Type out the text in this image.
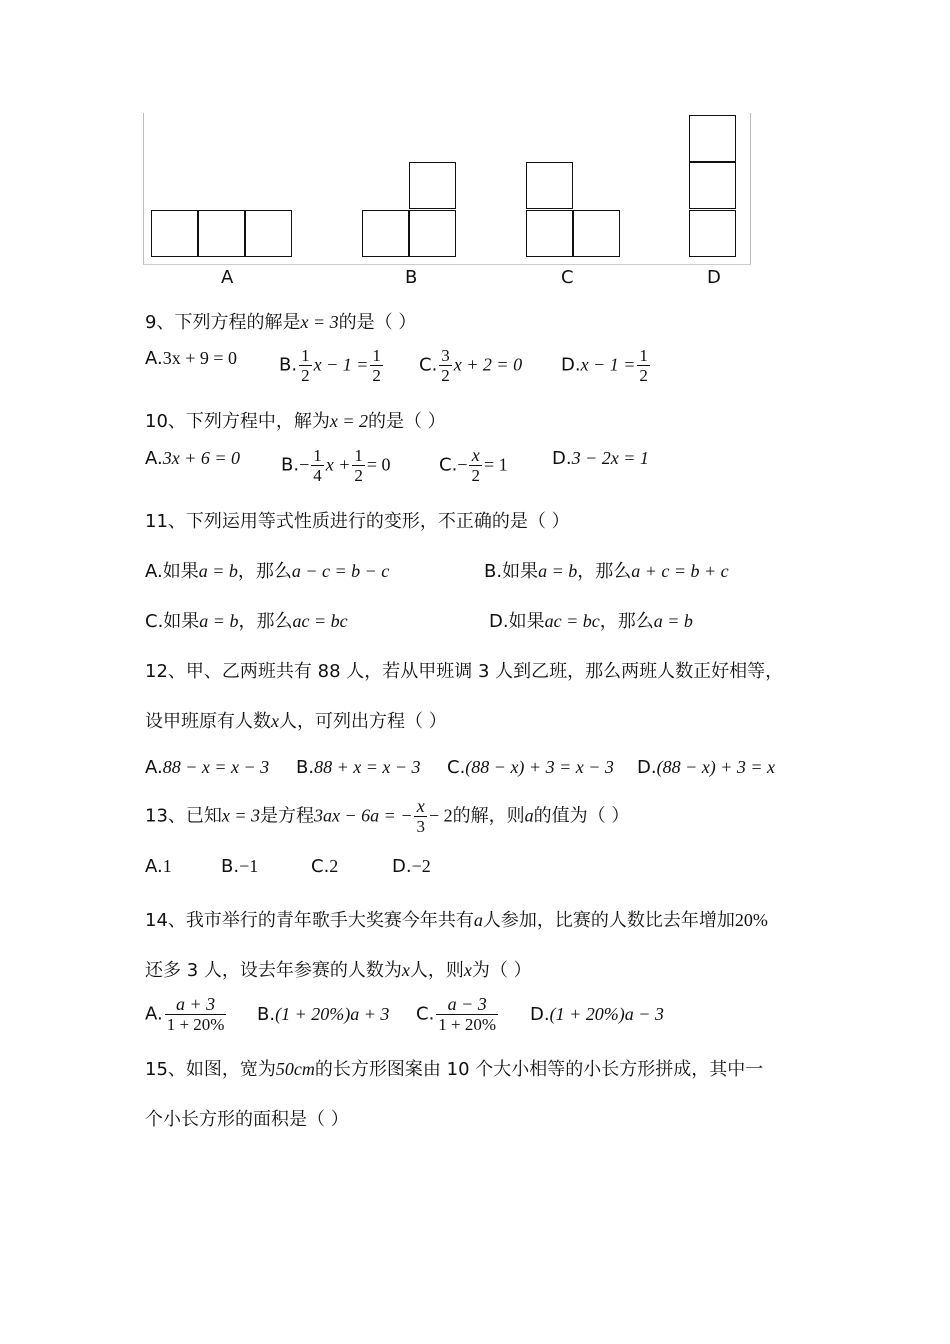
A	B	C	D
9、下列方程的解是x = 3的是（ ）
A.3x + 9 = 0 B. $\frac{1}{2}$ $x - 1 = \frac{1}{2} C$. $\frac{3}{2}$ x + 2 = 0 $D.x - 1 = \frac{1}{2}$
10、下列方程中，解为x = 2的是（ ）
A.3x + 6 = 0 $B.- \frac{1}{4}$ $x + \frac{1}{2} = 0$	$C.- \frac{x}{2} = 1$ D.3 − 2x = 1
11、下列运用等式性质进行的变形，不正确的是（ ）
A.如果a = b，那么a − c = b − c	B.如果a = b，那么a + c = b + c
C.如果a = b，那么ac = bc	D.如果ac = bc，那么a = b
12、甲、乙两班共有 88 人，若从甲班调 3 人到乙班，那么两班人数正好相等，
设甲班原有人数x人，可列出方程（ ）
A.88 − x = x − 3 B.88 + x = x − 3 C.(88 − x) + 3 = x − 3 D.(88 − x) + 3 = x
13、已知x = 3是方程3ax − 6a = − $\frac{x}{3} - 2$的解，则a的值为（ ）
A.1	B.−1	C.2	D.−2
14、我市举行的青年歌手大奖赛今年共有a人参加，比赛的人数比去年增加20%
还多 3 人，设去年参赛的人数为x人，则x为（ ）
A. $\frac{a + 3}{1 + 20\%} B.(1 + 20\%)a + 3$ C. $\frac{a - 3}{1 + 20\%} D.(1 + 20\%)a - 3$
15、如图，宽为50cm的长方形图案由 10 个大小相等的小长方形拼成，其中一
个小长方形的面积是（ ）
